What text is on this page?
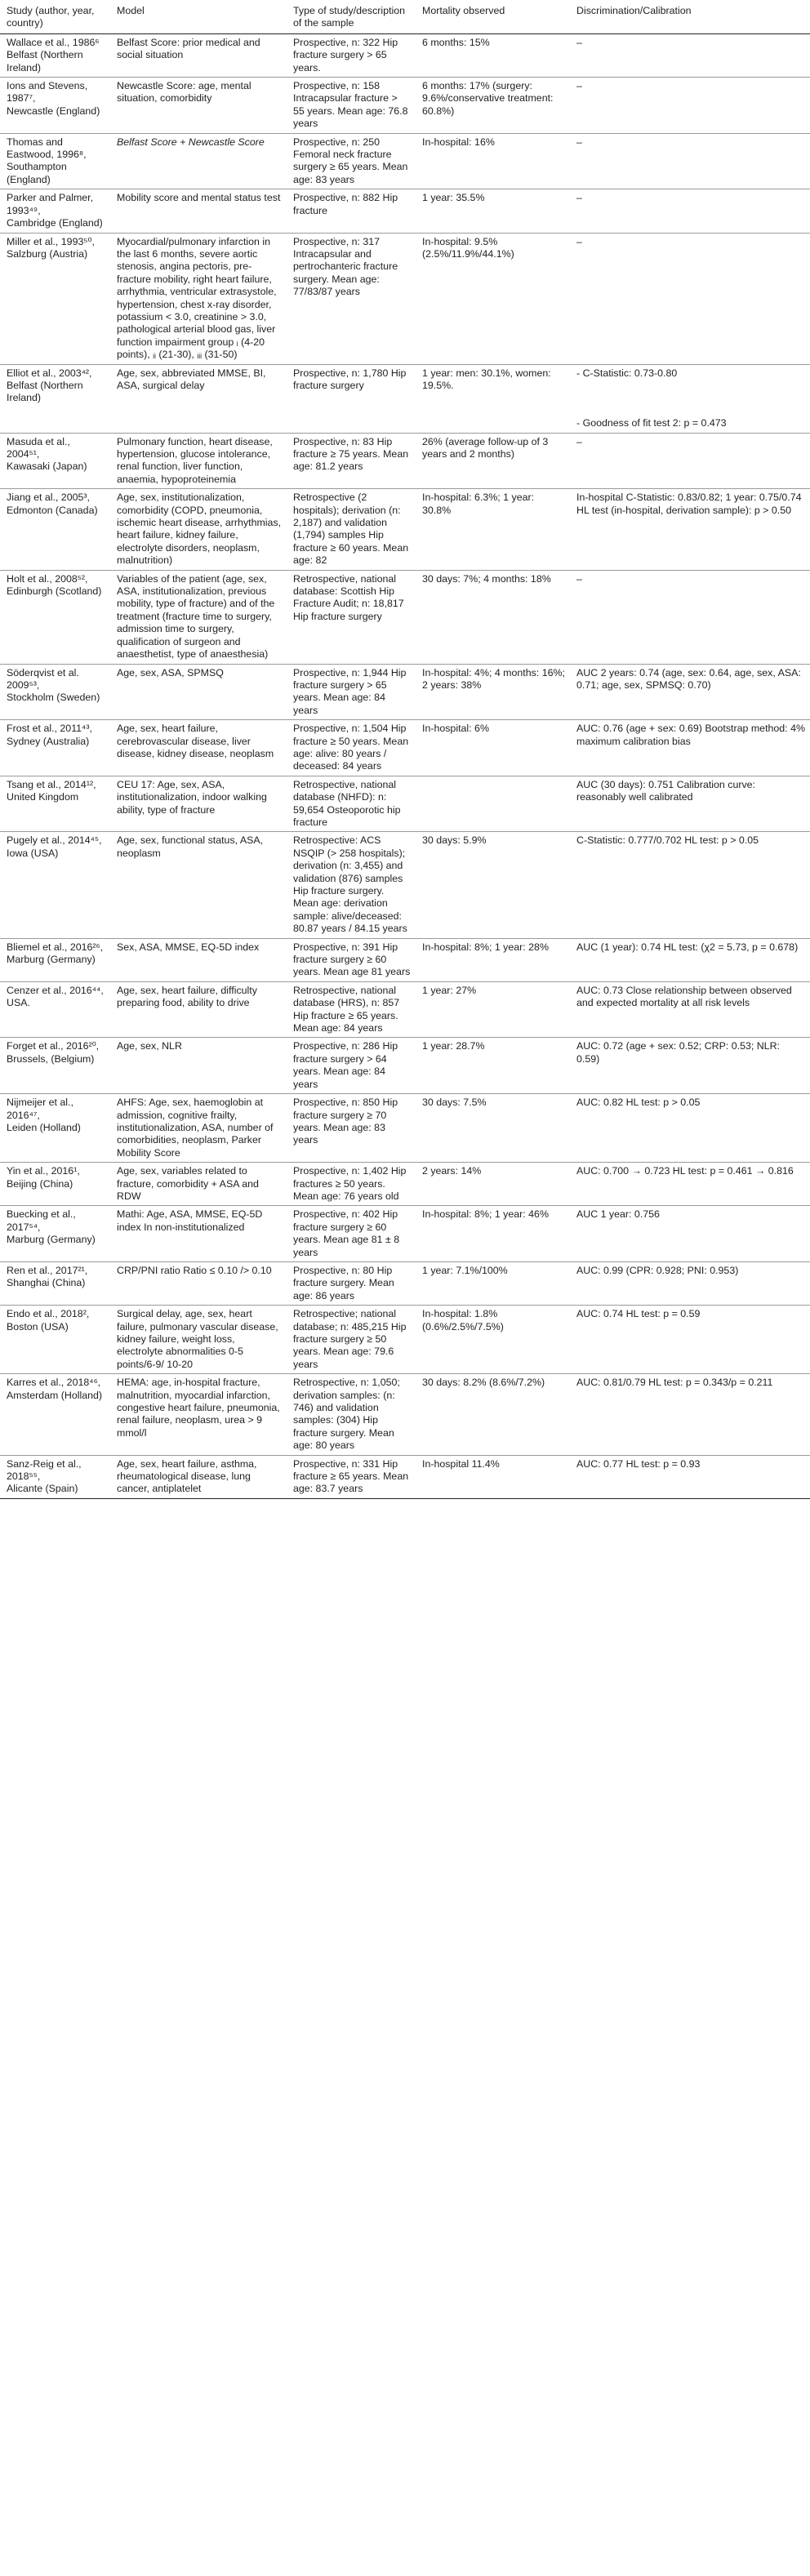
Study (author, year, country)	Model	Type of study/description of the sample	Mortality observed	Discrimination/Calibration
Wallace et al., 1986⁶
Belfast (Northern Ireland)	Belfast Score: prior medical and social situation	Prospective, n: 322 Hip fracture surgery > 65 years.	6 months: 15%	–
Ions and Stevens, 1987⁷,
Newcastle (England)	Newcastle Score: age, mental situation, comorbidity	Prospective, n: 158 Intracapsular fracture > 55 years. Mean age: 76.8 years	6 months: 17% (surgery: 9.6%/conservative treatment: 60.8%)	–
Thomas and Eastwood, 1996⁸,
Southampton (England)	Belfast Score + Newcastle Score	Prospective, n: 250 Femoral neck fracture surgery ≥ 65 years. Mean age: 83 years	In-hospital: 16%	–
Parker and Palmer, 1993⁴⁹,
Cambridge (England)	Mobility score and mental status test	Prospective, n: 882 Hip fracture	1 year: 35.5%	–
Miller et al., 1993⁵⁰,
Salzburg (Austria)	Myocardial/pulmonary infarction in the last 6 months, severe aortic stenosis, angina pectoris, pre-fracture mobility, right heart failure, arrhythmia, ventricular extrasystole, hypertension, chest x-ray disorder, potassium < 3.0, creatinine > 3.0, pathological arterial blood gas, liver function impairment group ᵢ (4-20 points), ᵢᵢ (21-30), ᵢᵢᵢ (31-50)	Prospective, n: 317 Intracapsular and pertrochanteric fracture surgery. Mean age: 77/83/87 years	In-hospital: 9.5% (2.5%/11.9%/44.1%)	–
Elliot et al., 2003⁴²,
Belfast (Northern Ireland)	Age, sex, abbreviated MMSE, BI, ASA, surgical delay	Prospective, n: 1,780 Hip fracture surgery	1 year: men: 30.1%, women: 19.5%.	- C-Statistic: 0.73-0.80

- Goodness of fit test 2: p = 0.473
Masuda et al., 2004⁵¹,
Kawasaki (Japan)	Pulmonary function, heart disease, hypertension, glucose intolerance, renal function, liver function, anaemia, hypoproteinemia	Prospective, n: 83 Hip fracture ≥ 75 years. Mean age: 81.2 years	26% (average follow-up of 3 years and 2 months)	–
Jiang et al., 2005³,
Edmonton (Canada)	Age, sex, institutionalization, comorbidity (COPD, pneumonia, ischemic heart disease, arrhythmias, heart failure, kidney failure, electrolyte disorders, neoplasm, malnutrition)	Retrospective (2 hospitals); derivation (n: 2,187) and validation (1,794) samples Hip fracture ≥ 60 years. Mean age: 82	In-hospital: 6.3%; 1 year: 30.8%	In-hospital C-Statistic: 0.83/0.82; 1 year: 0.75/0.74 HL test (in-hospital, derivation sample): p > 0.50
Holt et al., 2008⁵²,
Edinburgh (Scotland)	Variables of the patient (age, sex, ASA, institutionalization, previous mobility, type of fracture) and of the treatment (fracture time to surgery, admission time to surgery, qualification of surgeon and anaesthetist, type of anaesthesia)	Retrospective, national database: Scottish Hip Fracture Audit; n: 18,817 Hip fracture surgery	30 days: 7%; 4 months: 18%	–
Söderqvist et al. 2009⁵³,
Stockholm (Sweden)	Age, sex, ASA, SPMSQ	Prospective, n: 1,944 Hip fracture surgery > 65 years. Mean age: 84 years	In-hospital: 4%; 4 months: 16%; 2 years: 38%	AUC 2 years: 0.74 (age, sex: 0.64, age, sex, ASA: 0.71; age, sex, SPMSQ: 0.70)
Frost et al., 2011⁴³,
Sydney (Australia)	Age, sex, heart failure, cerebrovascular disease, liver disease, kidney disease, neoplasm	Prospective, n: 1,504 Hip fracture ≥ 50 years. Mean age: alive: 80 years / deceased: 84 years	In-hospital: 6%	AUC: 0.76 (age + sex: 0.69) Bootstrap method: 4% maximum calibration bias
Tsang et al., 2014¹²,
United Kingdom	CEU 17: Age, sex, ASA, institutionalization, indoor walking ability, type of fracture	Retrospective, national database (NHFD): n: 59,654 Osteoporotic hip fracture		AUC (30 days): 0.751 Calibration curve: reasonably well calibrated
Pugely et al., 2014⁴⁵, Iowa (USA)	Age, sex, functional status, ASA, neoplasm	Retrospective: ACS NSQIP (> 258 hospitals); derivation (n: 3,455) and validation (876) samples Hip fracture surgery. Mean age: derivation sample: alive/deceased: 80.87 years / 84.15 years	30 days: 5.9%	C-Statistic: 0.777/0.702 HL test: p > 0.05
Bliemel et al., 2016²⁶,
Marburg (Germany)	Sex, ASA, MMSE, EQ-5D index	Prospective, n: 391 Hip fracture surgery ≥ 60 years. Mean age 81 years	In-hospital: 8%; 1 year: 28%	AUC (1 year): 0.74 HL test: (χ2 = 5.73, p = 0.678)
Cenzer et al., 2016⁴⁴,
USA.	Age, sex, heart failure, difficulty preparing food, ability to drive	Retrospective, national database (HRS), n: 857 Hip fracture ≥ 65 years. Mean age: 84 years	1 year: 27%	AUC: 0.73 Close relationship between observed and expected mortality at all risk levels
Forget et al., 2016²⁰,
Brussels, (Belgium)	Age, sex, NLR	Prospective, n: 286 Hip fracture surgery > 64 years. Mean age: 84 years	1 year: 28.7%	AUC: 0.72 (age + sex: 0.52; CRP: 0.53; NLR: 0.59)
Nijmeijer et al., 2016⁴⁷,
Leiden (Holland)	AHFS: Age, sex, haemoglobin at admission, cognitive frailty, institutionalization, ASA, number of comorbidities, neoplasm, Parker Mobility Score	Prospective, n: 850 Hip fracture surgery ≥ 70 years. Mean age: 83 years	30 days: 7.5%	AUC: 0.82 HL test: p > 0.05
Yin et al., 2016¹,
Beijing (China)	Age, sex, variables related to fracture, comorbidity + ASA and RDW	Prospective, n: 1,402 Hip fractures ≥ 50 years. Mean age: 76 years old	2 years: 14%	AUC: 0.700 → 0.723 HL test: p = 0.461 → 0.816
Buecking et al., 2017⁵⁴,
Marburg (Germany)	Mathi: Age, ASA, MMSE, EQ-5D index In non-institutionalized	Prospective, n: 402 Hip fracture surgery ≥ 60 years. Mean age 81 ± 8 years	In-hospital: 8%; 1 year: 46%	AUC 1 year: 0.756
Ren et al., 2017²¹,
Shanghai (China)	CRP/PNI ratio Ratio ≤ 0.10 /> 0.10	Prospective, n: 80 Hip fracture surgery. Mean age: 86 years	1 year: 7.1%/100%	AUC: 0.99 (CPR: 0.928; PNI: 0.953)
Endo et al., 2018²,
Boston (USA)	Surgical delay, age, sex, heart failure, pulmonary vascular disease, kidney failure, weight loss, electrolyte abnormalities 0-5 points/6-9/ 10-20	Retrospective; national database; n: 485,215 Hip fracture surgery ≥ 50 years. Mean age: 79.6 years	In-hospital: 1.8% (0.6%/2.5%/7.5%)	AUC: 0.74 HL test: p = 0.59
Karres et al., 2018⁴⁶,
Amsterdam (Holland)	HEMA: age, in-hospital fracture, malnutrition, myocardial infarction, congestive heart failure, pneumonia, renal failure, neoplasm, urea > 9 mmol/l	Retrospective, n: 1,050; derivation samples: (n: 746) and validation samples: (304) Hip fracture surgery. Mean age: 80 years	30 days: 8.2% (8.6%/7.2%)	AUC: 0.81/0.79 HL test: p = 0.343/p = 0.211
Sanz-Reig et al., 2018⁵⁵,
Alicante (Spain)	Age, sex, heart failure, asthma, rheumatological disease, lung cancer, antiplatelet	Prospective, n: 331 Hip fracture ≥ 65 years. Mean age: 83.7 years	In-hospital 11.4%	AUC: 0.77 HL test: p = 0.93
